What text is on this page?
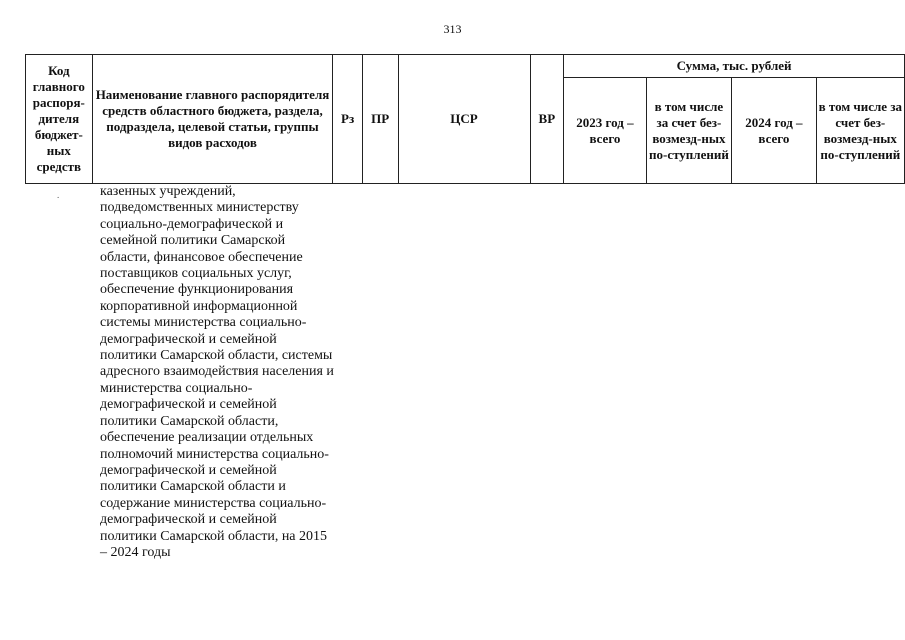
313
Код главного распоря-дителя бюджет-ных средств	Наименование главного распорядителя средств областного бюджета, раздела, подраздела, целевой статьи, группы видов расходов	Рз	ПР	ЦСР	ВР	Сумма, тыс. рублей			
						2023 год – всего	в том числе за счет без-возмезд-ных по-ступлений	2024 год – всего	в том числе за счет без-возмезд-ных по-ступлений
.	казенных учреждений, подведомственных министерству социально-демографической и семейной политики Самарской области, финансовое обеспечение поставщиков социальных услуг, обеспечение функционирования корпоративной информационной системы министерства социально-демографической и семейной политики Самарской области, системы адресного взаимодействия населения и министерства социально-демографической и семейной политики Самарской области, обеспечение реализации отдельных полномочий министерства социально-демографической и семейной политики Самарской области и содержание министерства социально-демографической и семейной политики Самарской области, на 2015 – 2024 годы
